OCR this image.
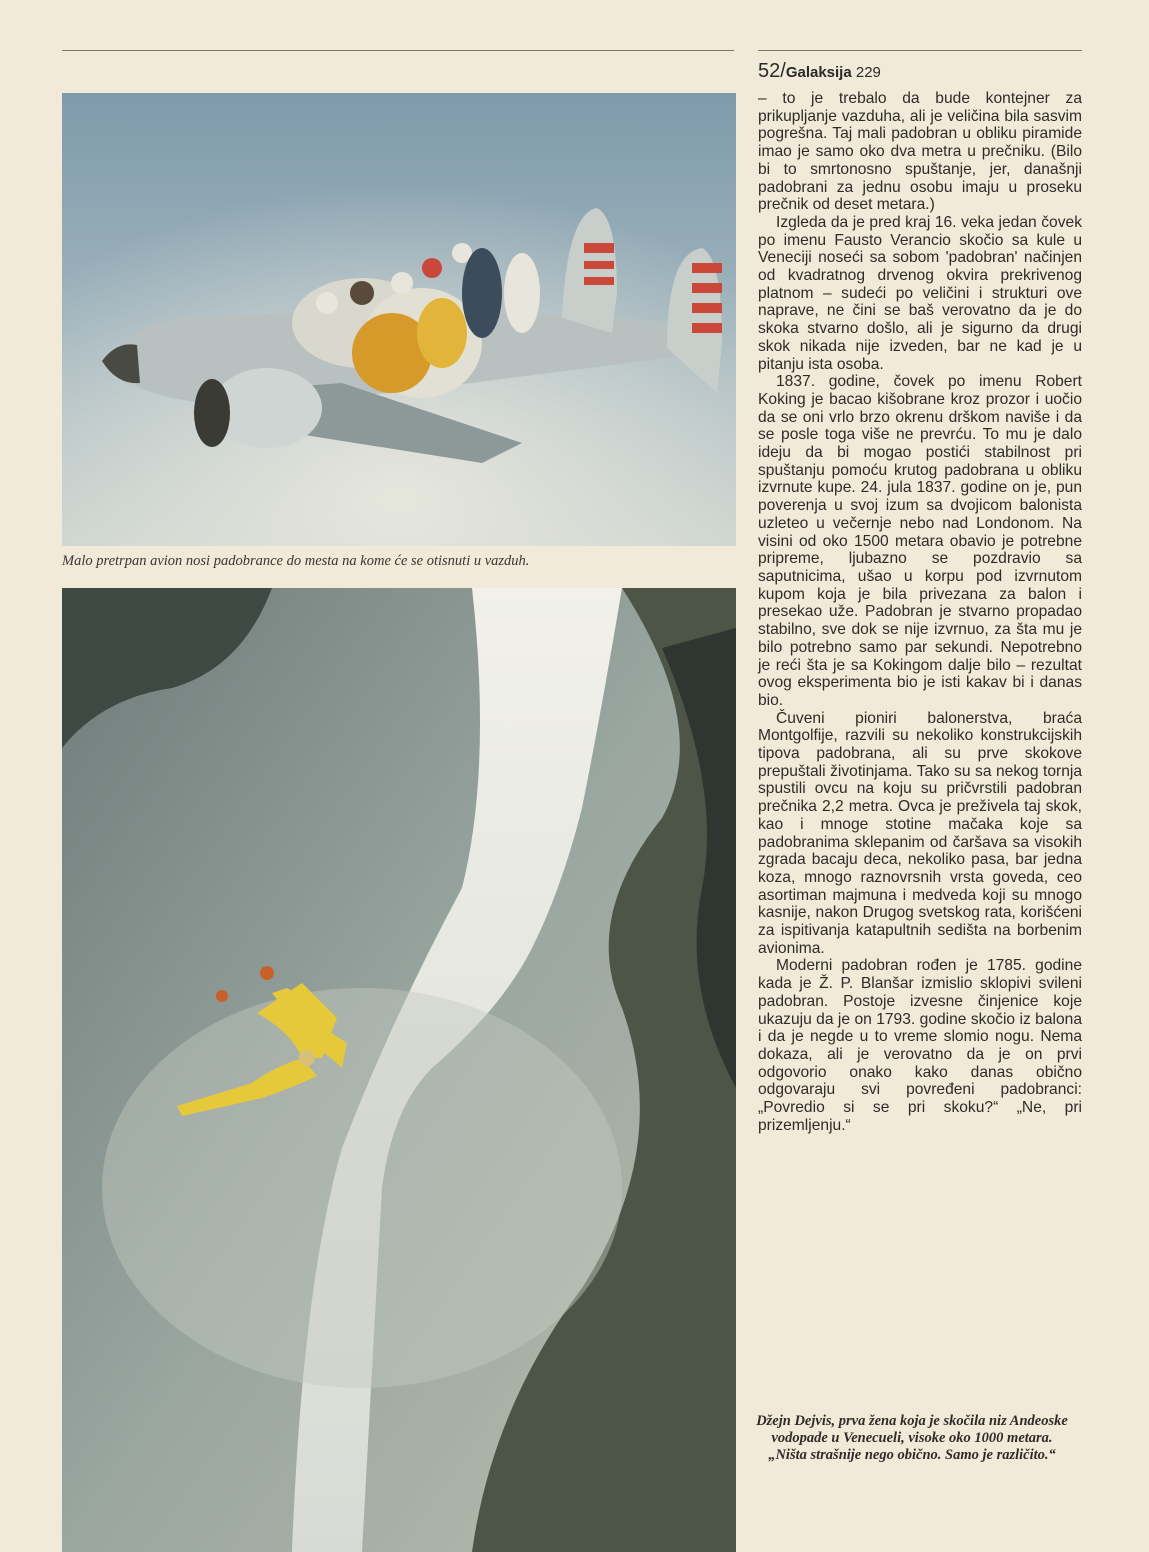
52/Galaksija 229
Malo pretrpan avion nosi padobrance do mesta na kome će se otisnuti u vazduh.

– to je trebalo da bude kontejner za prikupljanje vazduha, ali je veličina bila sasvim pogrešna. Taj mali padobran u obliku piramide imao je samo oko dva metra u prečniku. (Bilo bi to smrtonosno spuštanje, jer, današnji padobrani za jednu osobu imaju u proseku prečnik od deset metara.)

Izgleda da je pred kraj 16. veka jedan čovek po imenu Fausto Verancio skočio sa kule u Veneciji noseći sa sobom 'padobran' načinjen od kvadratnog drvenog okvira prekrivenog platnom – sudeći po veličini i strukturi ove naprave, ne čini se baš verovatno da je do skoka stvarno došlo, ali je sigurno da drugi skok nikada nije izveden, bar ne kad je u pitanju ista osoba.

1837. godine, čovek po imenu Robert Koking je bacao kišobrane kroz prozor i uočio da se oni vrlo brzo okrenu drškom naviše i da se posle toga više ne prevrću. To mu je dalo ideju da bi mogao postići stabilnost pri spuštanju pomoću krutog padobrana u obliku izvrnute kupe. 24. jula 1837. godine on je, pun poverenja u svoj izum sa dvojicom balonista uzleteo u večernje nebo nad Londonom. Na visini od oko 1500 metara obavio je potrebne pripreme, ljubazno se pozdravio sa saputnicima, ušao u korpu pod izvrnutom kupom koja je bila privezana za balon i presekao uže. Padobran je stvarno propadao stabilno, sve dok se nije izvrnuo, za šta mu je bilo potrebno samo par sekundi. Nepotrebno je reći šta je sa Kokingom dalje bilo – rezultat ovog eksperimenta bio je isti kakav bi i danas bio.

Čuveni pioniri balonerstva, braća Montgolfije, razvili su nekoliko konstrukcijskih tipova padobrana, ali su prve skokove prepuštali životinjama. Tako su sa nekog tornja spustili ovcu na koju su pričvrstili padobran prečnika 2,2 metra. Ovca je preživela taj skok, kao i mnoge stotine mačaka koje sa padobranima sklepanim od čaršava sa visokih zgrada bacaju deca, nekoliko pasa, bar jedna koza, mnogo raznovrsnih vrsta goveda, ceo asortiman majmuna i medveda koji su mnogo kasnije, nakon Drugog svetskog rata, korišćeni za ispitivanja katapultnih sedišta na borbenim avionima.

Moderni padobran rođen je 1785. godine kada je Ž. P. Blanšar izmislio sklopivi svileni padobran. Postoje izvesne činjenice koje ukazuju da je on 1793. godine skočio iz balona i da je negde u to vreme slomio nogu. Nema dokaza, ali je verovatno da je on prvi odgovorio onako kako danas obično odgovaraju svi povređeni padobranci: „Povredio si se pri skoku?“ „Ne, pri prizemljenju.“

Džejn Dejvis, prva žena koja je skočila niz Andeoske vodopade u Venecueli, visoke oko 1000 metara. „Ništa strašnije nego obično. Samo je različito.“
